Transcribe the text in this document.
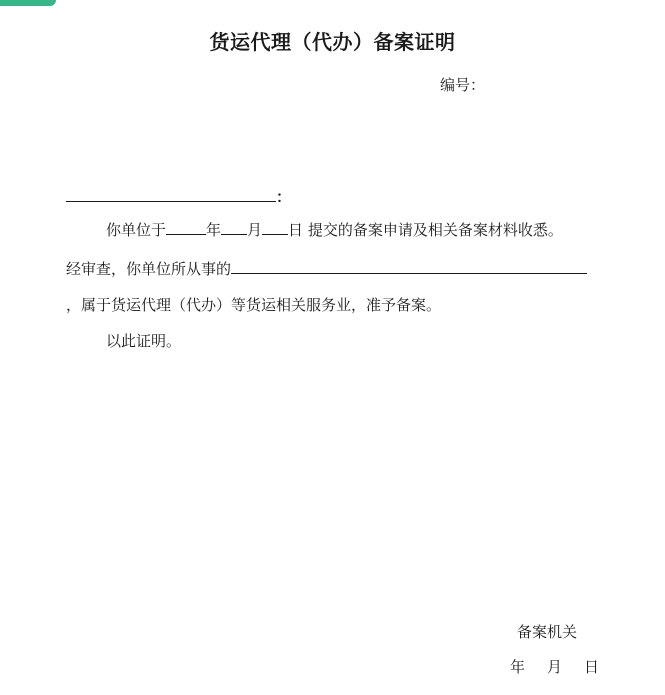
货运代理（代办）备案证明
编号：
：
你单位于	年 月 日 提交的备案申请及相关备案材料收悉。
经审查，你单位所从事的
，属于货运代理（代办）等货运相关服务业，准予备案。
以此证明。
备案机关
年 月 日
